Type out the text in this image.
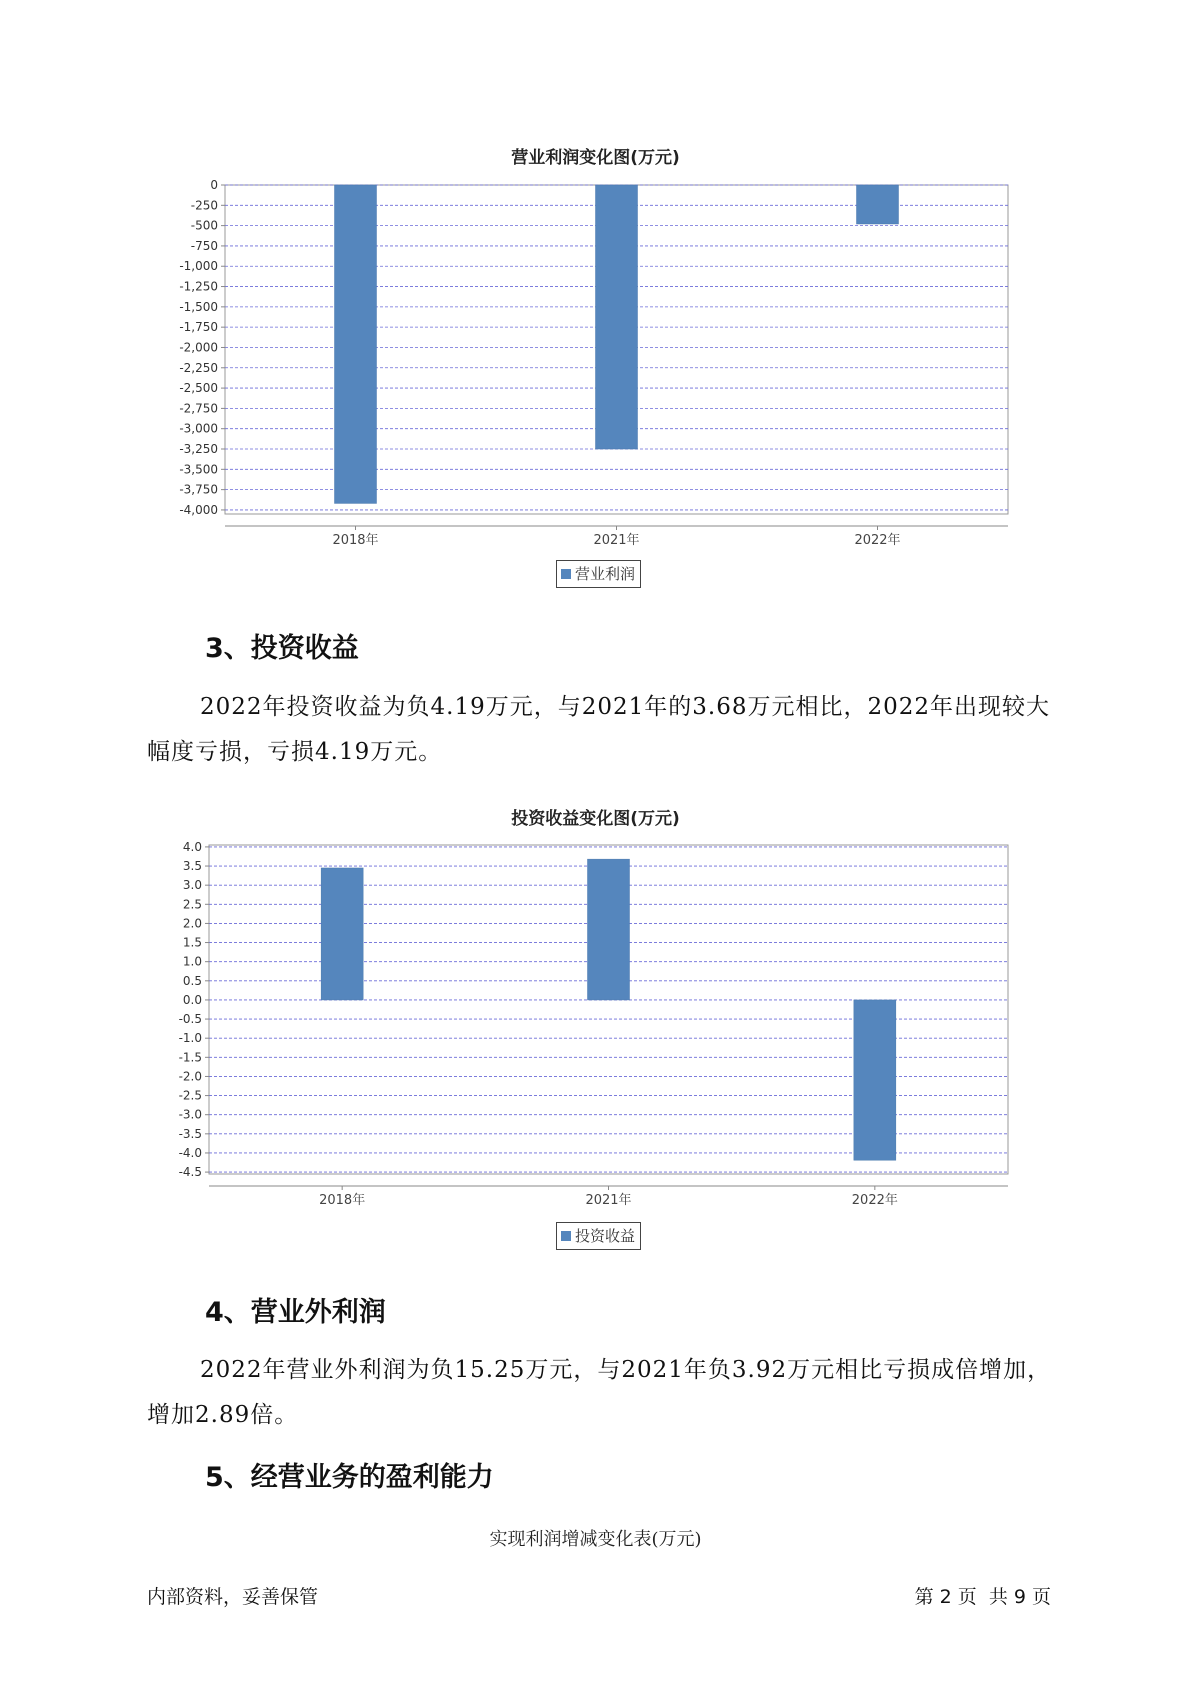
营业利润变化图(万元)
0
-250
-500
-750
-1,000
-1,250
-1,500
-1,750
-2,000
-2,250
-2,500
-2,750
-3,000
-3,250
-3,500
-3,750
-4,000
2018年	2021年	2022年
营业利润
3、投资收益
2022年投资收益为负4.19万元，与2021年的3.68万元相比，2022年出现较大幅度亏损，亏损4.19万元。
投资收益变化图(万元)
4.0
3.5
3.0
2.5
2.0
1.5
1.0
0.5
0.0
-0.5
-1.0
-1.5
-2.0
-2.5
-3.0
-3.5
-4.0
-4.5
2018年	2021年	2022年
投资收益
4、营业外利润
2022年营业外利润为负15.25万元，与2021年负3.92万元相比亏损成倍增加，增加2.89倍。
5、经营业务的盈利能力
实现利润增减变化表(万元)
内部资料，妥善保管	第 2 页  共 9 页
